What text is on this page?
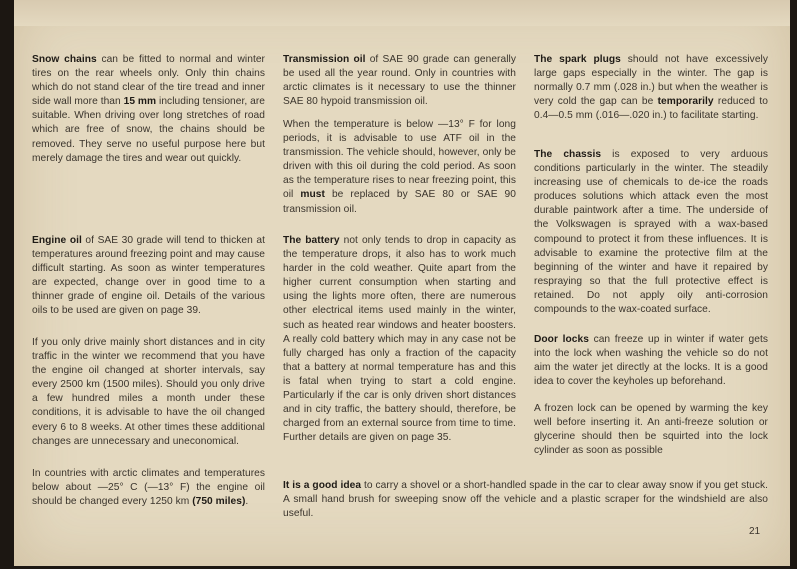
Snow chains can be fitted to normal and winter tires on the rear wheels only. Only thin chains which do not stand clear of the tire tread and inner side wall more than 15 mm including tensioner, are suitable. When driving over long stretches of road which are free of snow, the chains should be removed. They serve no useful purpose here but merely damage the tires and wear out quickly.

Engine oil of SAE 30 grade will tend to thicken at temperatures around freezing point and may cause difficult starting. As soon as winter temperatures are expected, change over in good time to a thinner grade of engine oil. Details of the various oils to be used are given on page 39.

If you only drive mainly short distances and in city traffic in the winter we recommend that you have the engine oil changed at shorter intervals, say every 2500 km (1500 miles). Should you only drive a few hundred miles a month under these conditions, it is advisable to have the oil changed every 6 to 8 weeks. At other times these additional changes are unnecessary and uneconomical.

In countries with arctic climates and temperatures below about —25° C (—13° F) the engine oil should be changed every 1250 km (750 miles).

Transmission oil of SAE 90 grade can generally be used all the year round. Only in countries with arctic climates is it necessary to use the thinner SAE 80 hypoid transmission oil.

When the temperature is below —13° F for long periods, it is advisable to use ATF oil in the transmission. The vehicle should, however, only be driven with this oil during the cold period. As soon as the temperature rises to near freezing point, this oil must be replaced by SAE 80 or SAE 90 transmission oil.

The battery not only tends to drop in capacity as the temperature drops, it also has to work much harder in the cold weather. Quite apart from the higher current consumption when starting and using the lights more often, there are numerous other electrical items used mainly in the winter, such as heated rear windows and heater boosters. A really cold battery which may in any case not be fully charged has only a fraction of the capacity that a battery at normal temperature has and this is fatal when trying to start a cold engine. Particularly if the car is only driven short distances and in city traffic, the battery should, therefore, be charged from an external source from time to time. Further details are given on page 35.

The spark plugs should not have excessively large gaps especially in the winter. The gap is normally 0.7 mm (.028 in.) but when the weather is very cold the gap can be temporarily reduced to 0.4—0.5 mm (.016—.020 in.) to facilitate starting.

The chassis is exposed to very arduous conditions particularly in the winter. The steadily increasing use of chemicals to de-ice the roads produces solutions which attack even the most durable paintwork after a time. The underside of the Volkswagen is sprayed with a wax-based compound to protect it from these influences. It is advisable to examine the protective film at the beginning of the winter and have it repaired by respraying so that the full protective effect is retained. Do not apply oily anti-corrosion compounds to the wax-coated surface.

Door locks can freeze up in winter if water gets into the lock when washing the vehicle so do not aim the water jet directly at the locks. It is a good idea to cover the keyholes up beforehand.

A frozen lock can be opened by warming the key well before inserting it. An anti-freeze solution or glycerine should then be squirted into the lock cylinder as soon as possible

It is a good idea to carry a shovel or a short-handled spade in the car to clear away snow if you get stuck. A small hand brush for sweeping snow off the vehicle and a plastic scraper for the windshield are also useful.

21
